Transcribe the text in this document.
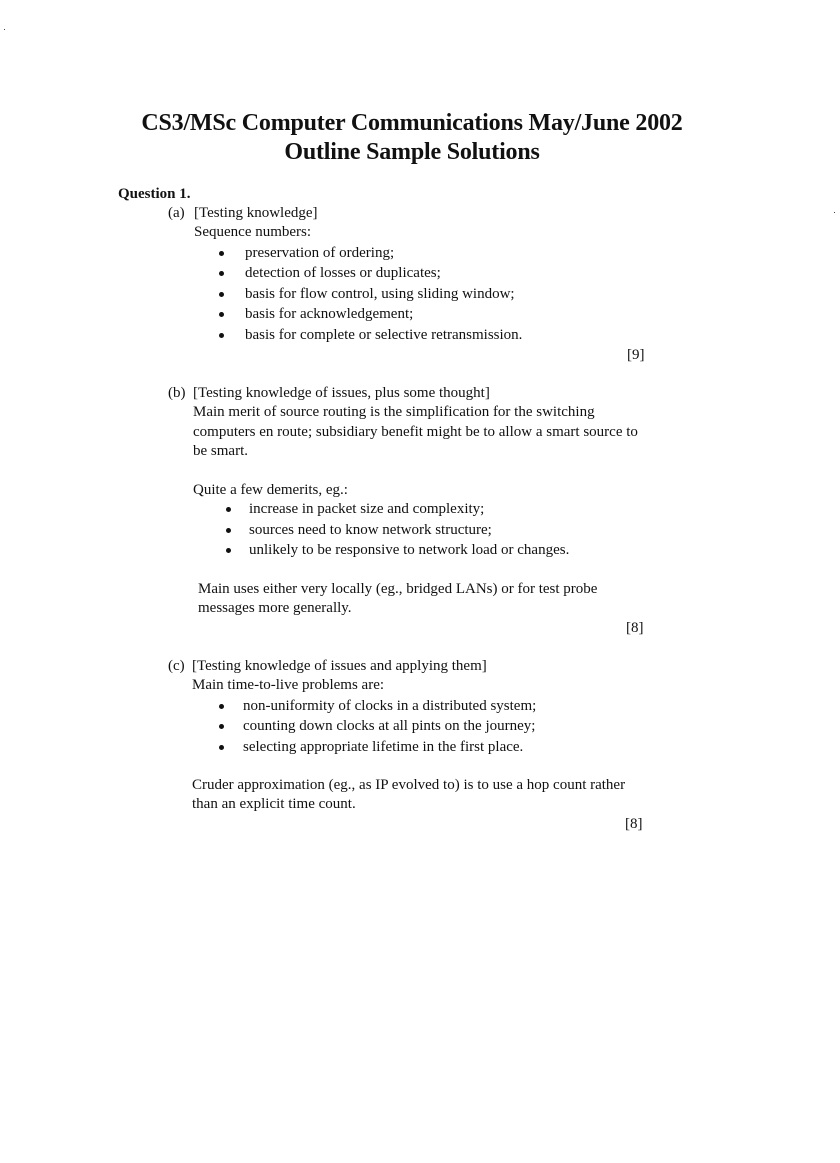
CS3/MSc Computer Communications May/June 2002
Outline Sample Solutions
Question 1.
(a) [Testing knowledge]
Sequence numbers:
preservation of ordering;
detection of losses or duplicates;
basis for flow control, using sliding window;
basis for acknowledgement;
basis for complete or selective retransmission.
[9]
(b) [Testing knowledge of issues, plus some thought]
Main merit of source routing is the simplification for the switching
computers en route; subsidiary benefit might be to allow a smart source to
be smart.
Quite a few demerits, eg.:
increase in packet size and complexity;
sources need to know network structure;
unlikely to be responsive to network load or changes.
Main uses either very locally (eg., bridged LANs) or for test probe
messages more generally.
[8]
(c) [Testing knowledge of issues and applying them]
Main time-to-live problems are:
non-uniformity of clocks in a distributed system;
counting down clocks at all pints on the journey;
selecting appropriate lifetime in the first place.
Cruder approximation (eg., as IP evolved to) is to use a hop count rather
than an explicit time count.
[8]
